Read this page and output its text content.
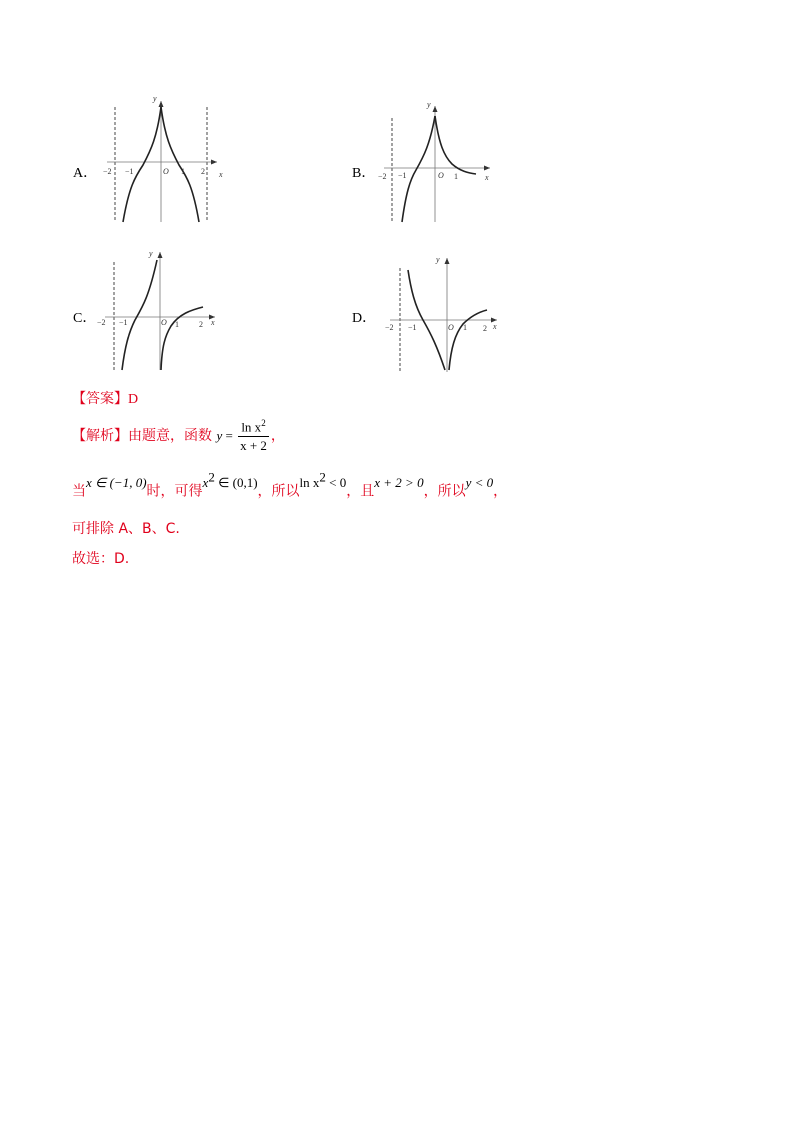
A．	B．
C．	D．
y
x
O
−2 −1	1 2
y
x
O
−2 −1	1
y
x
O
−2 −1	1	2
y
x
O
−2 −1	1 2
【答案】D
【解析】由题意，函数 $y = \frac{\ln x^2}{x + 2}$ ，
当x ∈ (−1, 0)时，可得$x^2$ ∈ (0,1)，所以$\ln x^2 < 0$，且x + 2 > 0，所以y < 0，
可排除 A、B、C.
故选：D.
